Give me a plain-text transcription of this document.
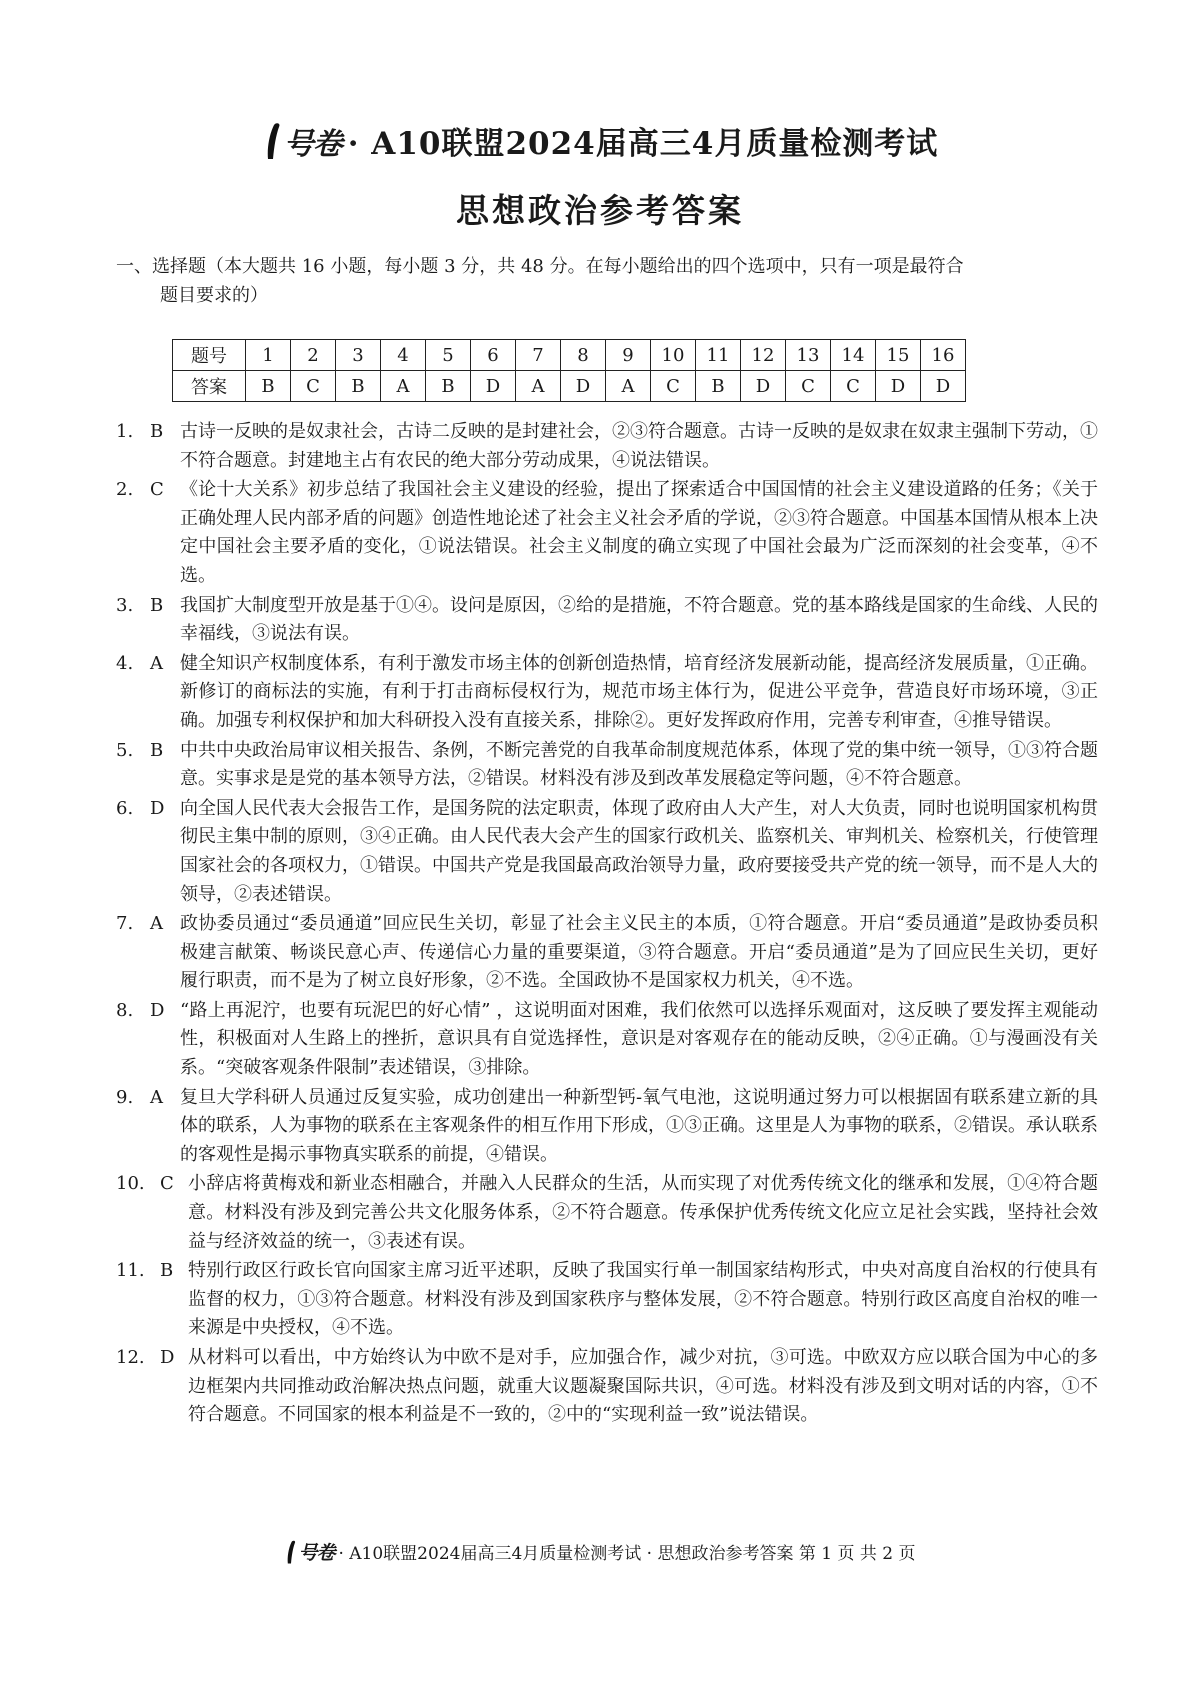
号卷 · A10联盟2024届高三4月质量检测考试
思想政治参考答案
一、选择题（本大题共 16 小题，每小题 3 分，共 48 分。在每小题给出的四个选项中，只有一项是最符合
题目要求的）
题号	1	2	3	4	5	6	7	8	9	10	11	12	13	14	15	16
答案	B	C	B	A	B	D	A	D	A	C	B	D	C	C	D	D
1. B 古诗一反映的是奴隶社会，古诗二反映的是封建社会，②③符合题意。古诗一反映的是奴隶在奴隶主强制下劳动，①不符合题意。封建地主占有农民的绝大部分劳动成果，④说法错误。
2. C 《论十大关系》初步总结了我国社会主义建设的经验，提出了探索适合中国国情的社会主义建设道路的任务；《关于正确处理人民内部矛盾的问题》创造性地论述了社会主义社会矛盾的学说，②③符合题意。中国基本国情从根本上决定中国社会主要矛盾的变化，①说法错误。社会主义制度的确立实现了中国社会最为广泛而深刻的社会变革，④不选。
3. B 我国扩大制度型开放是基于①④。设问是原因，②给的是措施，不符合题意。党的基本路线是国家的生命线、人民的幸福线，③说法有误。
4. A 健全知识产权制度体系，有利于激发市场主体的创新创造热情，培育经济发展新动能，提高经济发展质量，①正确。新修订的商标法的实施，有利于打击商标侵权行为，规范市场主体行为，促进公平竞争，营造良好市场环境，③正确。加强专利权保护和加大科研投入没有直接关系，排除②。更好发挥政府作用，完善专利审查，④推导错误。
5. B 中共中央政治局审议相关报告、条例，不断完善党的自我革命制度规范体系，体现了党的集中统一领导，①③符合题意。实事求是是党的基本领导方法，②错误。材料没有涉及到改革发展稳定等问题，④不符合题意。
6. D 向全国人民代表大会报告工作，是国务院的法定职责，体现了政府由人大产生，对人大负责，同时也说明国家机构贯彻民主集中制的原则，③④正确。由人民代表大会产生的国家行政机关、监察机关、审判机关、检察机关，行使管理国家社会的各项权力，①错误。中国共产党是我国最高政治领导力量，政府要接受共产党的统一领导，而不是人大的领导，②表述错误。
7. A 政协委员通过“委员通道”回应民生关切，彰显了社会主义民主的本质，①符合题意。开启“委员通道”是政协委员积极建言献策、畅谈民意心声、传递信心力量的重要渠道，③符合题意。开启“委员通道”是为了回应民生关切，更好履行职责，而不是为了树立良好形象，②不选。全国政协不是国家权力机关，④不选。
8. D “路上再泥泞，也要有玩泥巴的好心情” ，这说明面对困难，我们依然可以选择乐观面对，这反映了要发挥主观能动性，积极面对人生路上的挫折，意识具有自觉选择性，意识是对客观存在的能动反映，②④正确。①与漫画没有关系。“突破客观条件限制”表述错误，③排除。
9. A 复旦大学科研人员通过反复实验，成功创建出一种新型钙-氧气电池，这说明通过努力可以根据固有联系建立新的具体的联系，人为事物的联系在主客观条件的相互作用下形成，①③正确。这里是人为事物的联系，②错误。承认联系的客观性是揭示事物真实联系的前提，④错误。
10. C 小辞店将黄梅戏和新业态相融合，并融入人民群众的生活，从而实现了对优秀传统文化的继承和发展，①④符合题意。材料没有涉及到完善公共文化服务体系，②不符合题意。传承保护优秀传统文化应立足社会实践，坚持社会效益与经济效益的统一，③表述有误。
11. B 特别行政区行政长官向国家主席习近平述职，反映了我国实行单一制国家结构形式，中央对高度自治权的行使具有监督的权力，①③符合题意。材料没有涉及到国家秩序与整体发展，②不符合题意。特别行政区高度自治权的唯一来源是中央授权，④不选。
12. D 从材料可以看出，中方始终认为中欧不是对手，应加强合作，减少对抗，③可选。中欧双方应以联合国为中心的多边框架内共同推动政治解决热点问题，就重大议题凝聚国际共识，④可选。材料没有涉及到文明对话的内容，①不符合题意。不同国家的根本利益是不一致的，②中的“实现利益一致”说法错误。
号卷 · A10联盟2024届高三4月质量检测考试 · 思想政治参考答案 第 1 页 共 2 页
